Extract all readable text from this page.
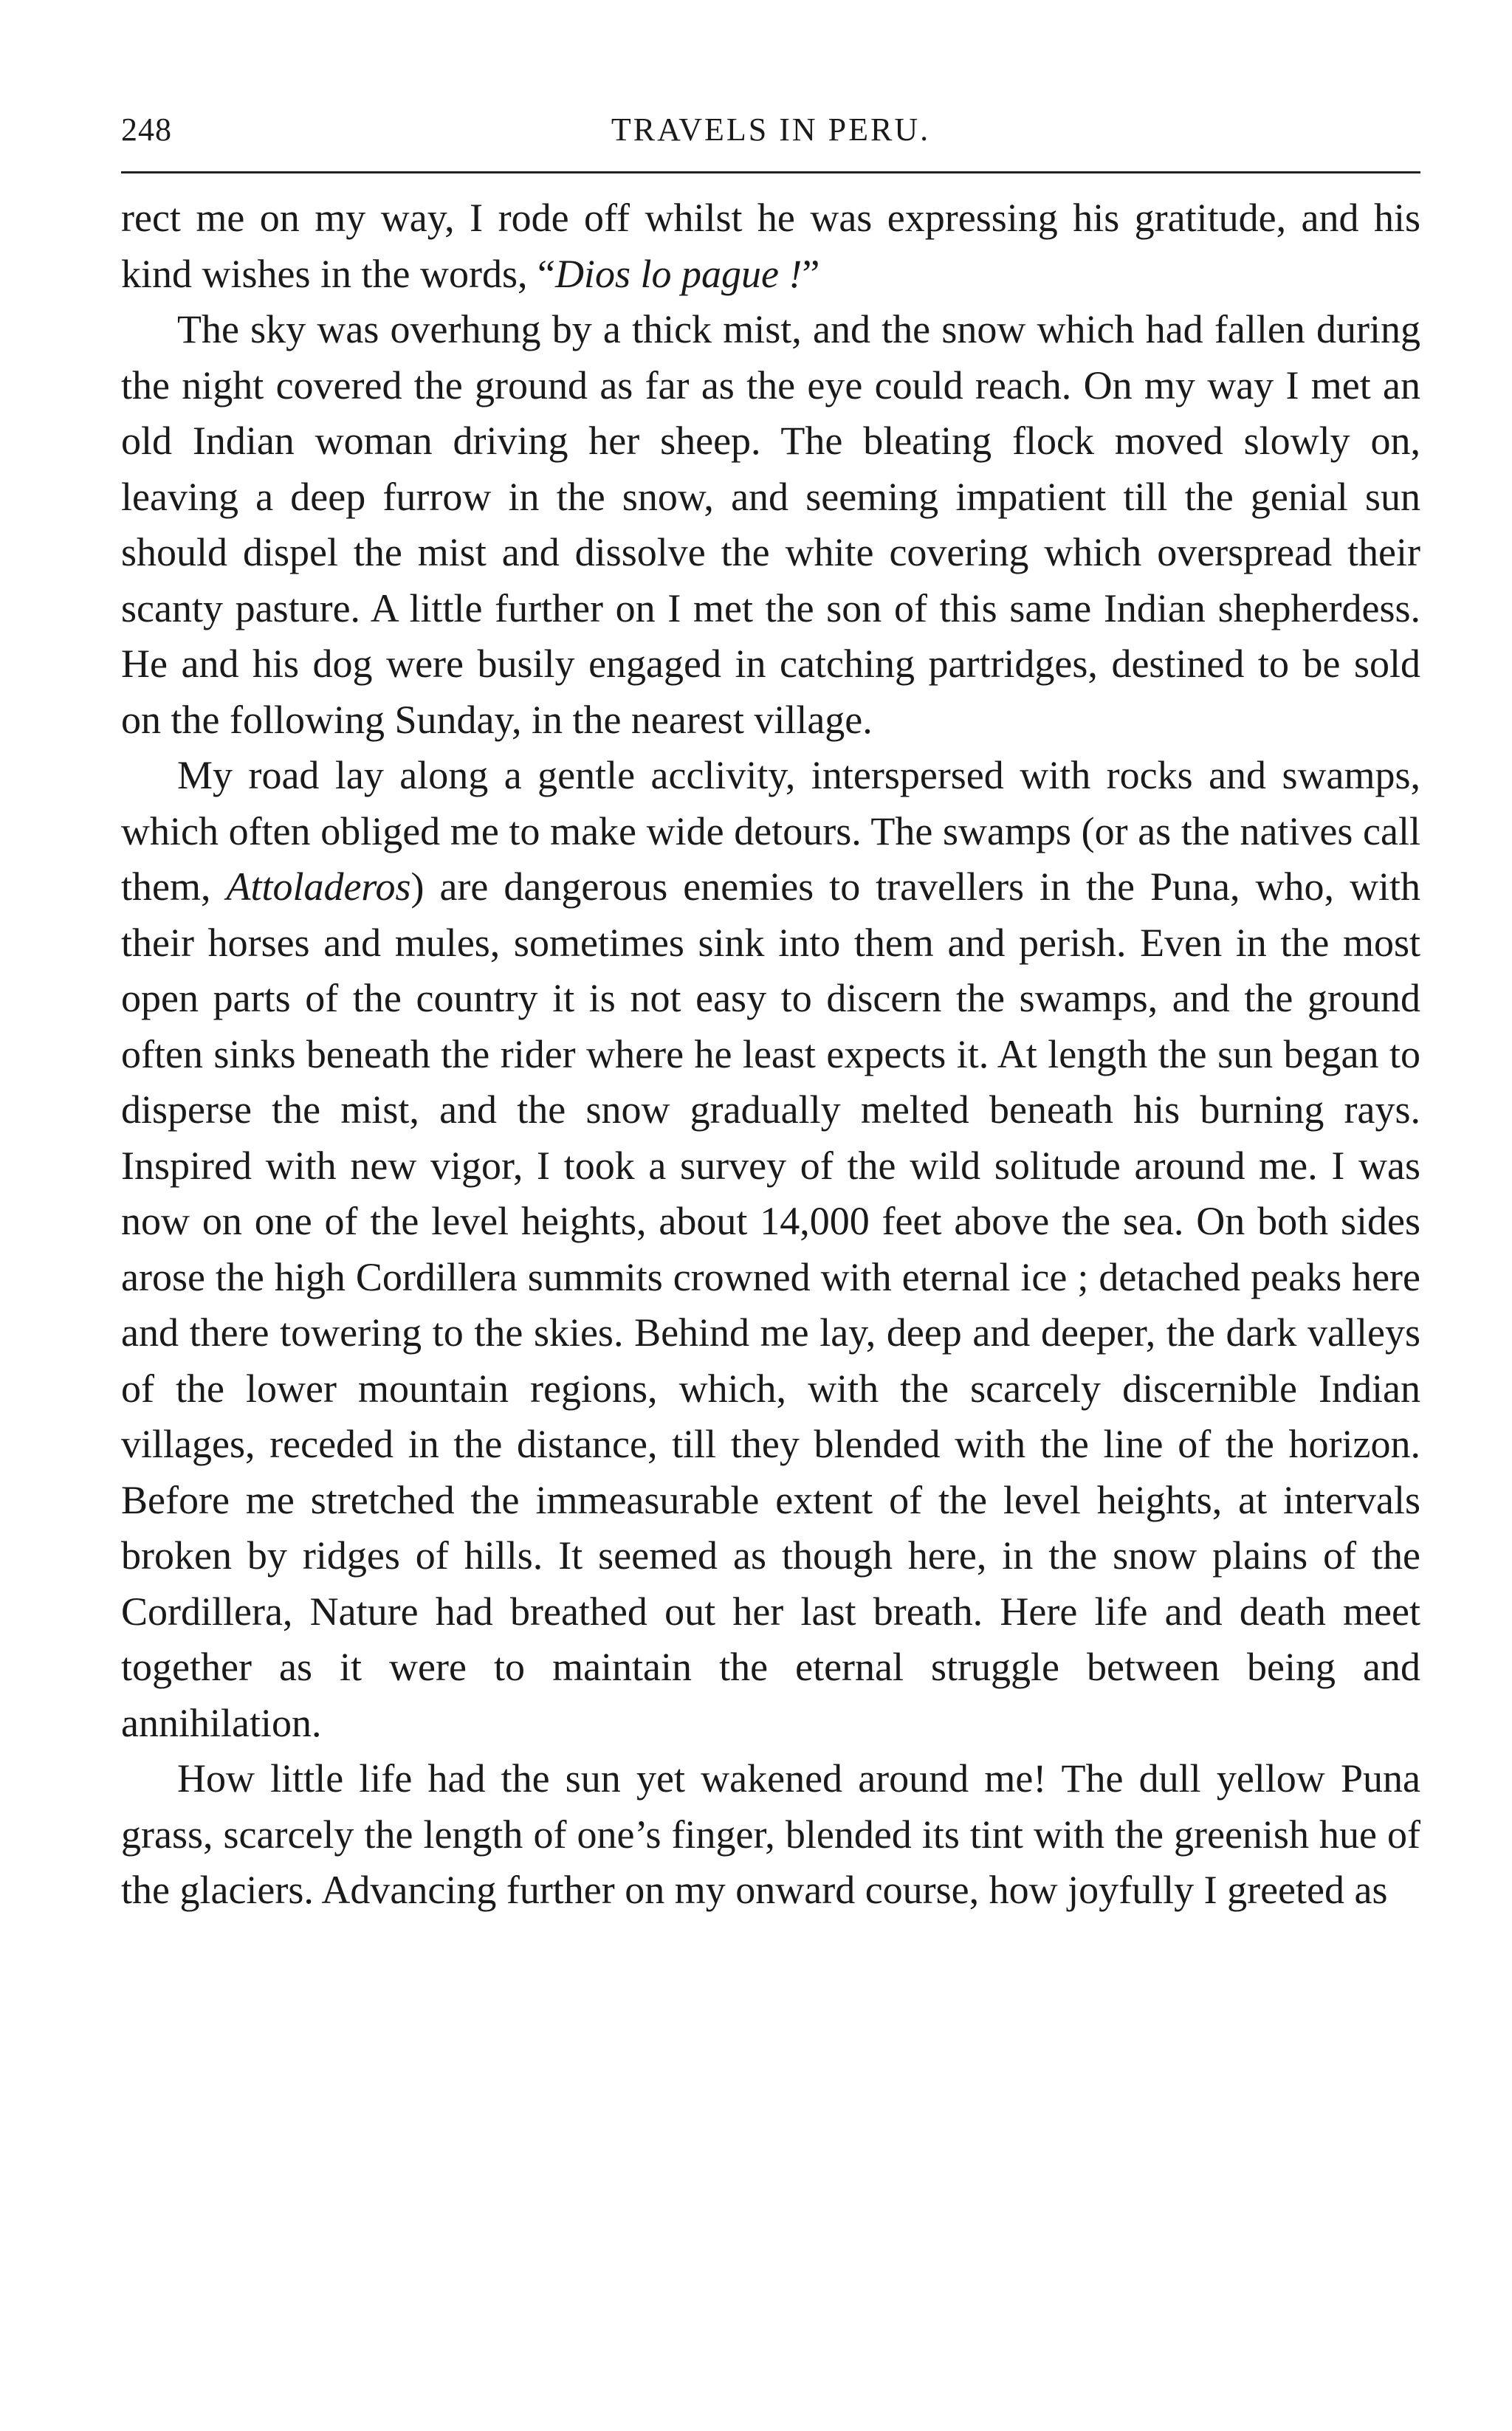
248	TRAVELS IN PERU.

rect me on my way, I rode off whilst he was expressing his gratitude, and his kind wishes in the words, “Dios lo pague !”

The sky was overhung by a thick mist, and the snow which had fallen during the night covered the ground as far as the eye could reach. On my way I met an old Indian woman driving her sheep. The bleating flock moved slowly on, leaving a deep furrow in the snow, and seeming impatient till the genial sun should dispel the mist and dissolve the white covering which overspread their scanty pasture. A little further on I met the son of this same Indian shepherdess. He and his dog were busily engaged in catching partridges, destined to be sold on the following Sunday, in the nearest village.

My road lay along a gentle acclivity, interspersed with rocks and swamps, which often obliged me to make wide detours. The swamps (or as the natives call them, Attoladeros) are dangerous enemies to travellers in the Puna, who, with their horses and mules, sometimes sink into them and perish. Even in the most open parts of the country it is not easy to discern the swamps, and the ground often sinks beneath the rider where he least expects it. At length the sun began to disperse the mist, and the snow gradually melted beneath his burning rays. Inspired with new vigor, I took a survey of the wild solitude around me. I was now on one of the level heights, about 14,000 feet above the sea. On both sides arose the high Cordillera summits crowned with eternal ice ; detached peaks here and there towering to the skies. Behind me lay, deep and deeper, the dark valleys of the lower mountain regions, which, with the scarcely discernible Indian villages, receded in the distance, till they blended with the line of the horizon. Before me stretched the immeasurable extent of the level heights, at intervals broken by ridges of hills. It seemed as though here, in the snow plains of the Cordillera, Nature had breathed out her last breath. Here life and death meet together as it were to maintain the eternal struggle between being and annihilation.

How little life had the sun yet wakened around me! The dull yellow Puna grass, scarcely the length of one’s finger, blended its tint with the greenish hue of the glaciers. Advancing further on my onward course, how joyfully I greeted as
